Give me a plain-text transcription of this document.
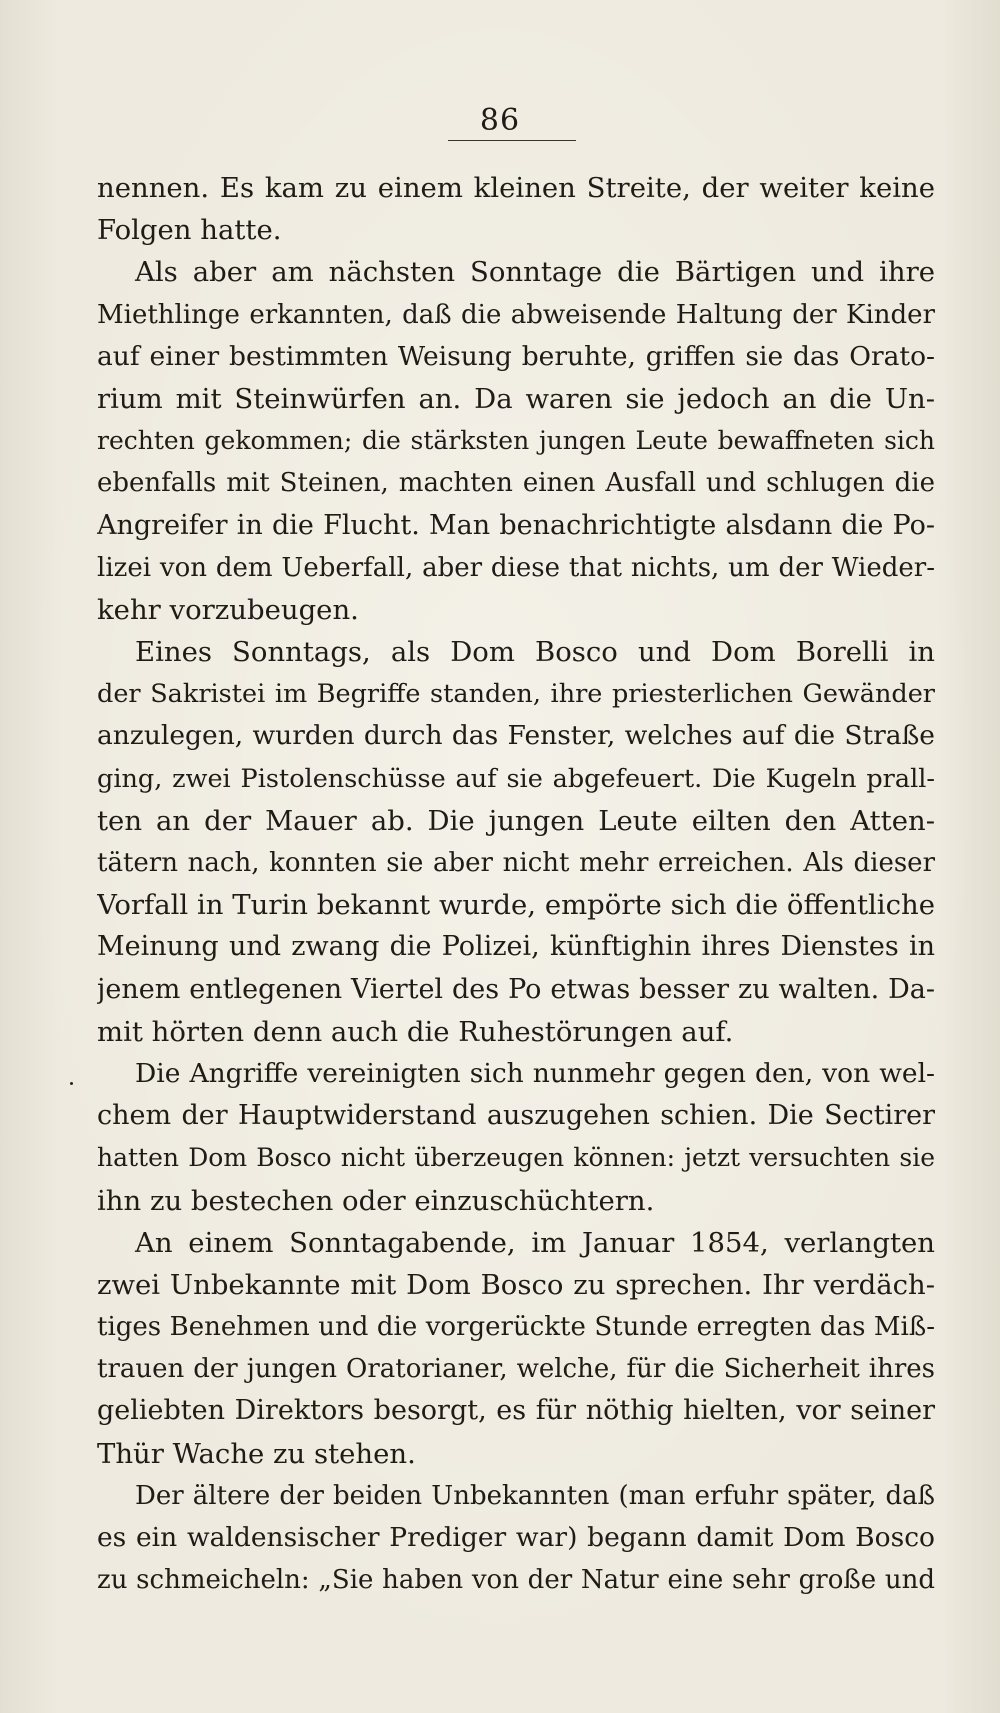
86
nennen. Es kam zu einem kleinen Streite, der weiter keine
Folgen hatte.
Als aber am nächsten Sonntage die Bärtigen und ihre
Miethlinge erkannten, daß die abweisende Haltung der Kinder
auf einer bestimmten Weisung beruhte, griffen sie das Orato-
rium mit Steinwürfen an. Da waren sie jedoch an die Un-
rechten gekommen; die stärksten jungen Leute bewaffneten sich
ebenfalls mit Steinen, machten einen Ausfall und schlugen die
Angreifer in die Flucht. Man benachrichtigte alsdann die Po-
lizei von dem Ueberfall, aber diese that nichts, um der Wieder-
kehr vorzubeugen.
Eines Sonntags, als Dom Bosco und Dom Borelli in
der Sakristei im Begriffe standen, ihre priesterlichen Gewänder
anzulegen, wurden durch das Fenster, welches auf die Straße
ging, zwei Pistolenschüsse auf sie abgefeuert. Die Kugeln prall-
ten an der Mauer ab. Die jungen Leute eilten den Atten-
tätern nach, konnten sie aber nicht mehr erreichen. Als dieser
Vorfall in Turin bekannt wurde, empörte sich die öffentliche
Meinung und zwang die Polizei, künftighin ihres Dienstes in
jenem entlegenen Viertel des Po etwas besser zu walten. Da-
mit hörten denn auch die Ruhestörungen auf.
Die Angriffe vereinigten sich nunmehr gegen den, von wel-
chem der Hauptwiderstand auszugehen schien. Die Sectirer
hatten Dom Bosco nicht überzeugen können: jetzt versuchten sie
ihn zu bestechen oder einzuschüchtern.
An einem Sonntagabende, im Januar 1854, verlangten
zwei Unbekannte mit Dom Bosco zu sprechen. Ihr verdäch-
tiges Benehmen und die vorgerückte Stunde erregten das Miß-
trauen der jungen Oratorianer, welche, für die Sicherheit ihres
geliebten Direktors besorgt, es für nöthig hielten, vor seiner
Thür Wache zu stehen.
Der ältere der beiden Unbekannten (man erfuhr später, daß
es ein waldensischer Prediger war) begann damit Dom Bosco
zu schmeicheln: „Sie haben von der Natur eine sehr große und
